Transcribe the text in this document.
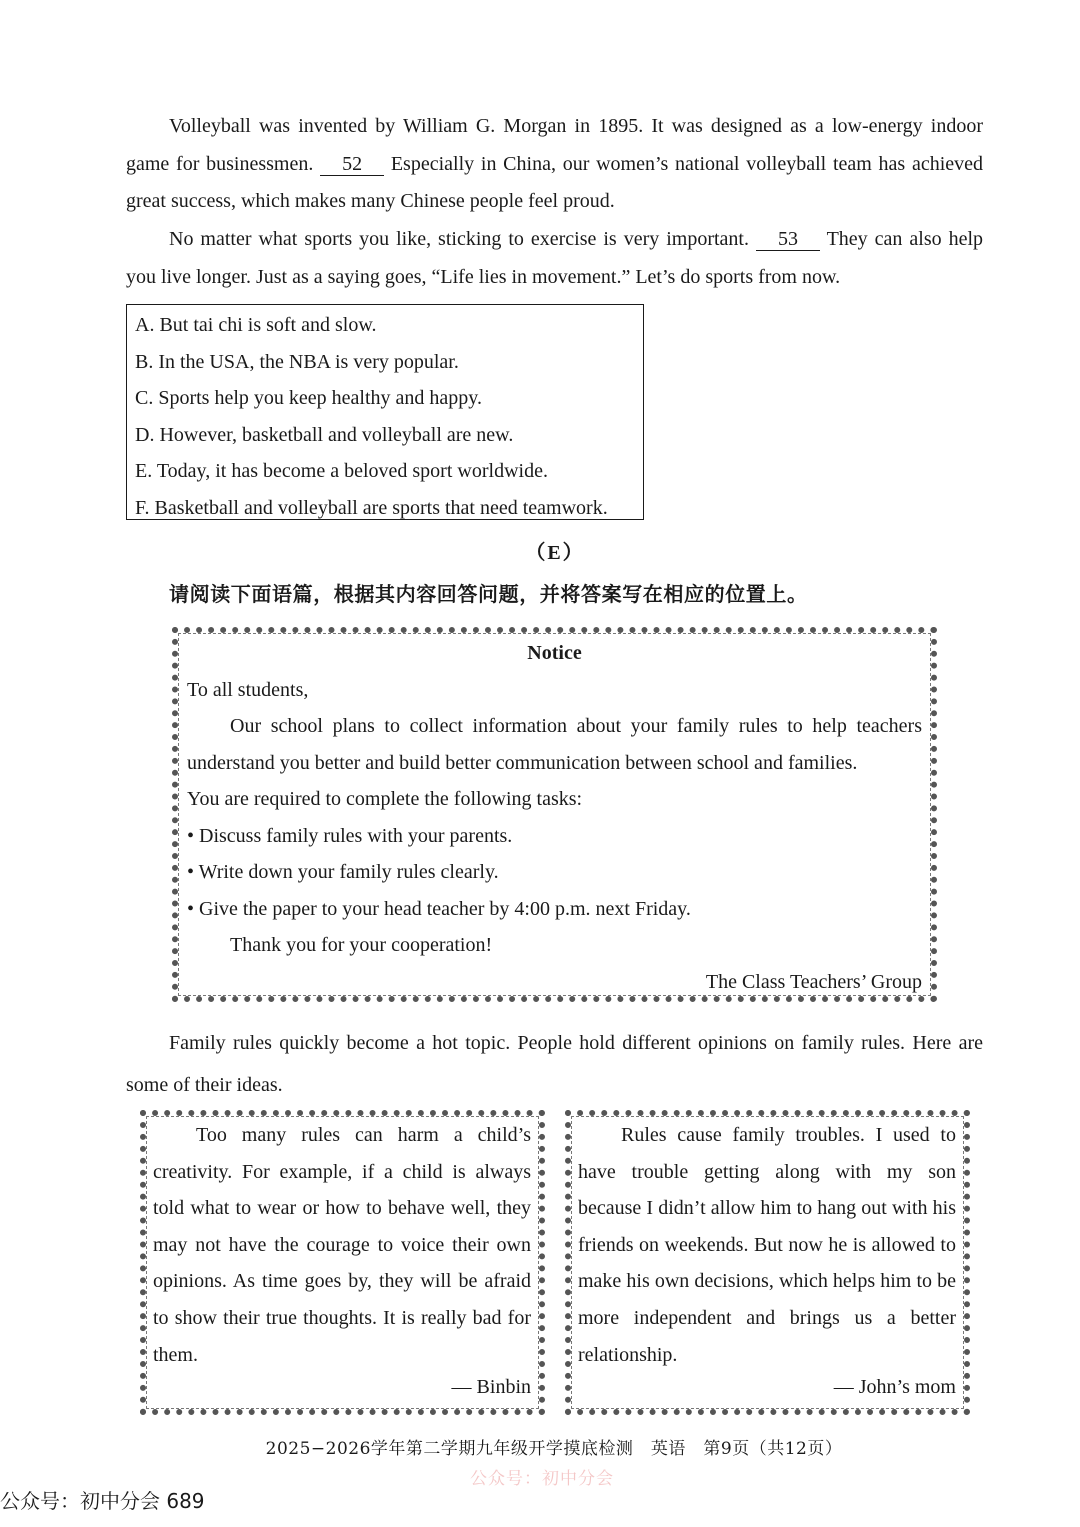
Volleyball was invented by William G. Morgan in 1895. It was designed as a low-energy indoor game for businessmen. 52 Especially in China, our women’s national volleyball team has achieved great success, which makes many Chinese people feel proud.

No matter what sports you like, sticking to exercise is very important. 53 They can also help you live longer. Just as a saying goes, “Life lies in movement.” Let’s do sports from now.

A. But tai chi is soft and slow.
B. In the USA, the NBA is very popular.
C. Sports help you keep healthy and happy.
D. However, basketball and volleyball are new.
E. Today, it has become a beloved sport worldwide.
F. Basketball and volleyball are sports that need teamwork.
（E）
请阅读下面语篇，根据其内容回答问题，并将答案写在相应的位置上。
Notice
To all students,
Our school plans to collect information about your family rules to help teachers understand you better and build better communication between school and families.
You are required to complete the following tasks:
• Discuss family rules with your parents.
• Write down your family rules clearly.
• Give the paper to your head teacher by 4:00 p.m. next Friday.
Thank you for your cooperation!
The Class Teachers’ Group

Family rules quickly become a hot topic. People hold different opinions on family rules. Here are some of their ideas.

Too many rules can harm a child’s creativity. For example, if a child is always told what to wear or how to behave well, they may not have the courage to voice their own opinions. As time goes by, they will be afraid to show their true thoughts. It is really bad for them.

— Binbin

Rules cause family troubles. I used to have trouble getting along with my son because I didn’t allow him to hang out with his friends on weekends. But now he is allowed to make his own decisions, which helps him to be more independent and brings us a better relationship.

— John’s mom
2025−2026学年第二学期九年级开学摸底检测　英语　第9页（共12页）
公众号：初中分会
公众号：初中分会 689
